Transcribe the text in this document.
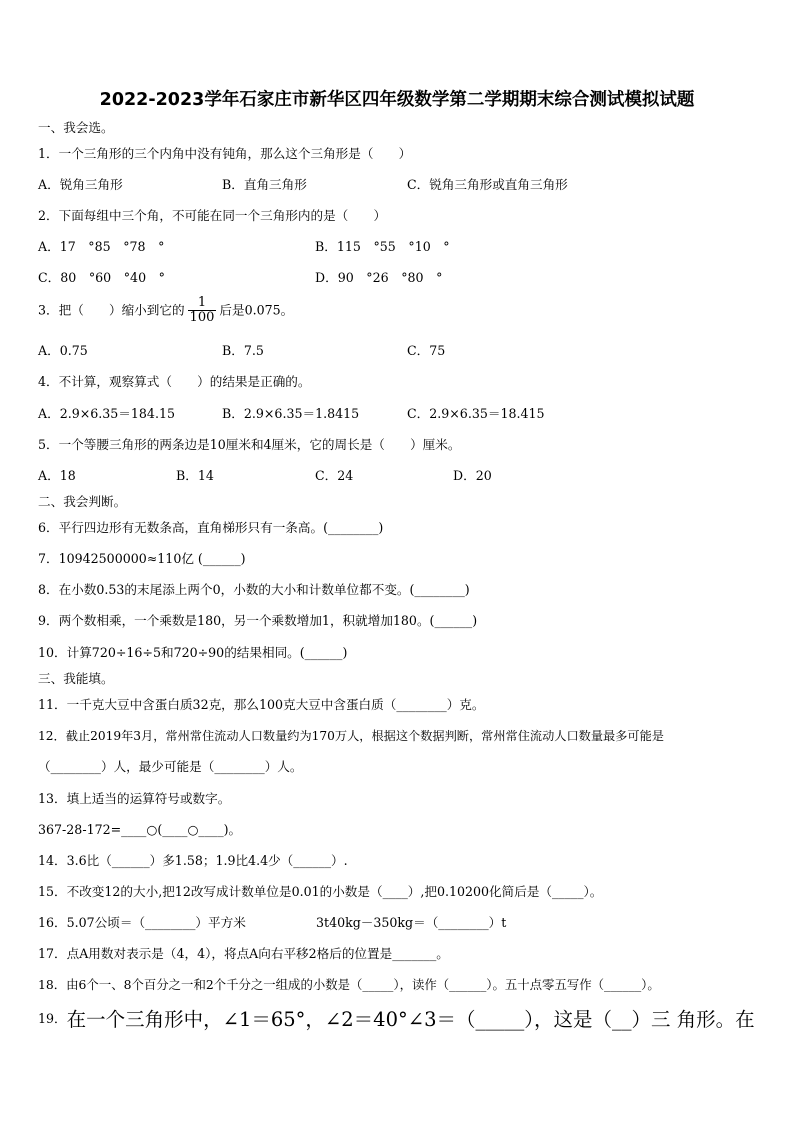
2022-2023学年石家庄市新华区四年级数学第二学期期末综合测试模拟试题
一、我会选。
1．一个三角形的三个内角中没有钝角，那么这个三角形是（　　）
A．锐角三角形	B．直角三角形	C．锐角三角形或直角三角形
2．下面每组中三个角，不可能在同一个三角形内的是（　　）
A．17　°85　°78　°	B．115　°55　°10　°
C．80　°60　°40　°	D．90　°26　°80　°
3．把（　　）缩小到它的 $\frac{1}{100}$ 后是0.075。
A．0.75	B．7.5	C．75
4．不计算，观察算式（　　）的结果是正确的。
A．2.9×6.35＝184.15	B．2.9×6.35＝1.8415	C．2.9×6.35＝18.415
5．一个等腰三角形的两条边是10厘米和4厘米，它的周长是（　　）厘米。
A．18	B．14	C．24	D．20
二、我会判断。
6．平行四边形有无数条高，直角梯形只有一条高。(________)
7．10942500000≈110亿 (______)
8．在小数0.53的末尾添上两个0，小数的大小和计数单位都不变。(________)
9．两个数相乘，一个乘数是180，另一个乘数增加1，积就增加180。(______)
10．计算720÷16÷5和720÷90的结果相同。(______)
三、我能填。
11．一千克大豆中含蛋白质32克，那么100克大豆中含蛋白质（________）克。
12．截止2019年3月，常州常住流动人口数量约为170万人，根据这个数据判断，常州常住流动人口数量最多可能是
（________）人，最少可能是（________）人。
13．填上适当的运算符号或数字。
367-28-172=____○(____○____)。
14．3.6比（______）多1.58；1.9比4.4少（______）.
15．不改变12的大小,把12改写成计数单位是0.01的小数是（____）,把0.10200化简后是（_____）。
16．5.07公顷＝（________）平方米	3t40kg－350kg＝（________）t
17．点A用数对表示是（4，4），将点A向右平移2格后的位置是_______。
18．由6个一、8个百分之一和2个千分之一组成的小数是（_____），读作（______）。五十点零五写作（______）。
19．在一个三角形中，∠1＝65°，∠2＝40°∠3＝（_____），这是（__）三 角形。在
